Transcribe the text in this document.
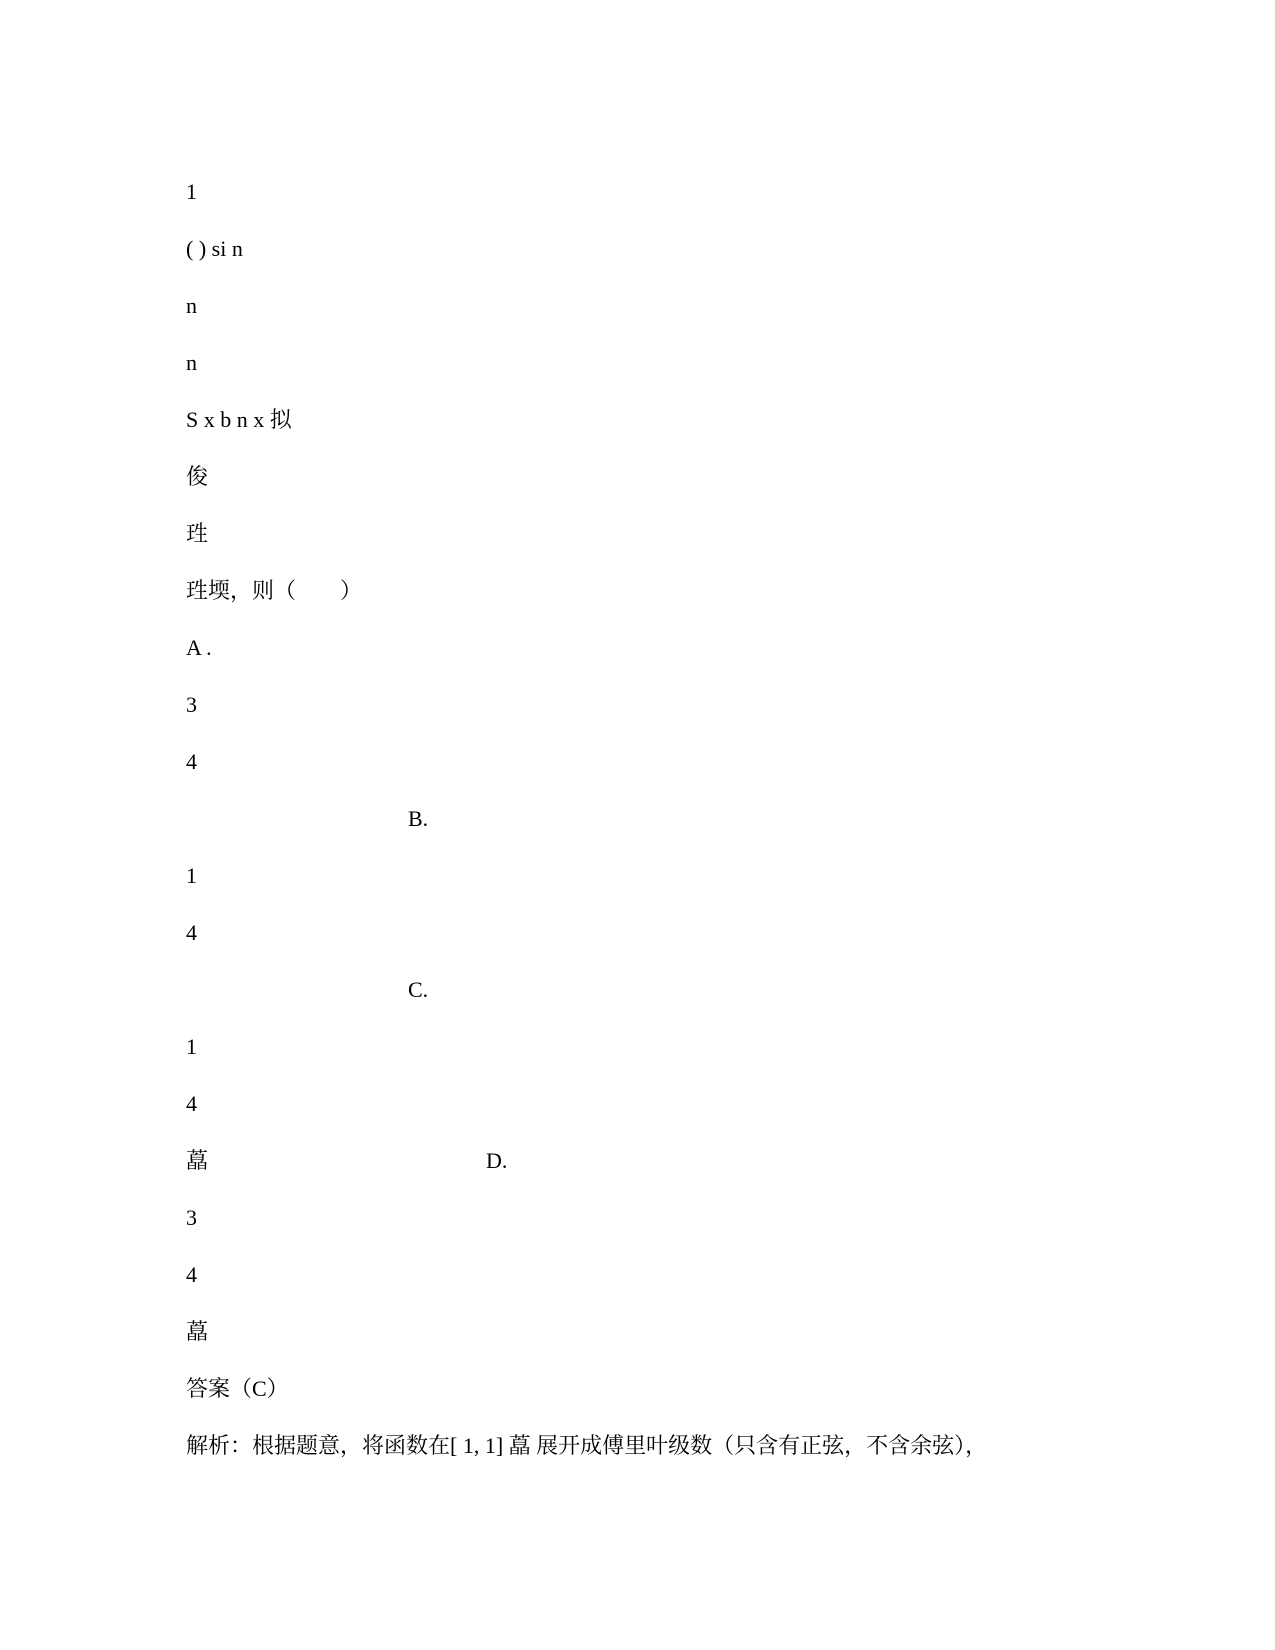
1
( ) si n
n
n
S x b n x 拟
俊
珄
珄堧，则（　　）
A .
3
4
B.
1
4
C.
1
4
藠	D.
3
4
藠
答案（C）
解析：根据题意，将函数在[ 1, 1] 藠 展开成傅里叶级数（只含有正弦，不含余弦），
